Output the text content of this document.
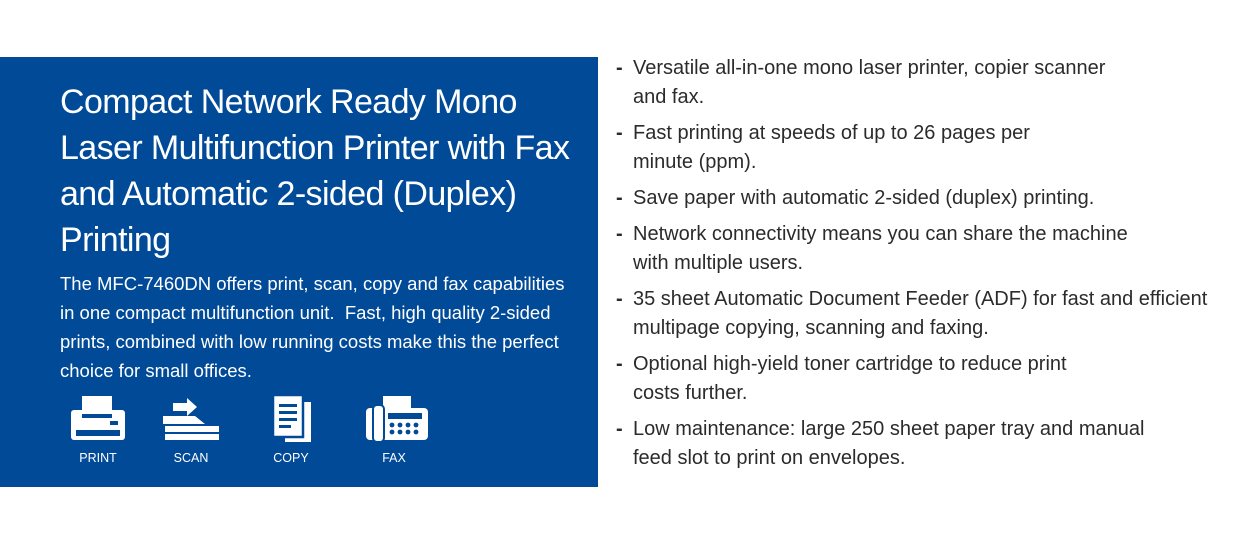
Compact Network Ready Mono Laser Multifunction Printer with Fax and Automatic 2-sided (Duplex) Printing

The MFC-7460DN offers print, scan, copy and fax capabilities in one compact multifunction unit.  Fast, high quality 2-sided prints, combined with low running costs make this the perfect choice for small offices.

PRINT	SCAN	COPY	FAX
- Versatile all-in-one mono laser printer, copier scanner and fax.
- Fast printing at speeds of up to 26 pages per minute (ppm).
- Save paper with automatic 2-sided (duplex) printing.
- Network connectivity means you can share the machine with multiple users.
- 35 sheet Automatic Document Feeder (ADF) for fast and efficient multipage copying, scanning and faxing.
- Optional high-yield toner cartridge to reduce print costs further.
- Low maintenance: large 250 sheet paper tray and manual feed slot to print on envelopes.
